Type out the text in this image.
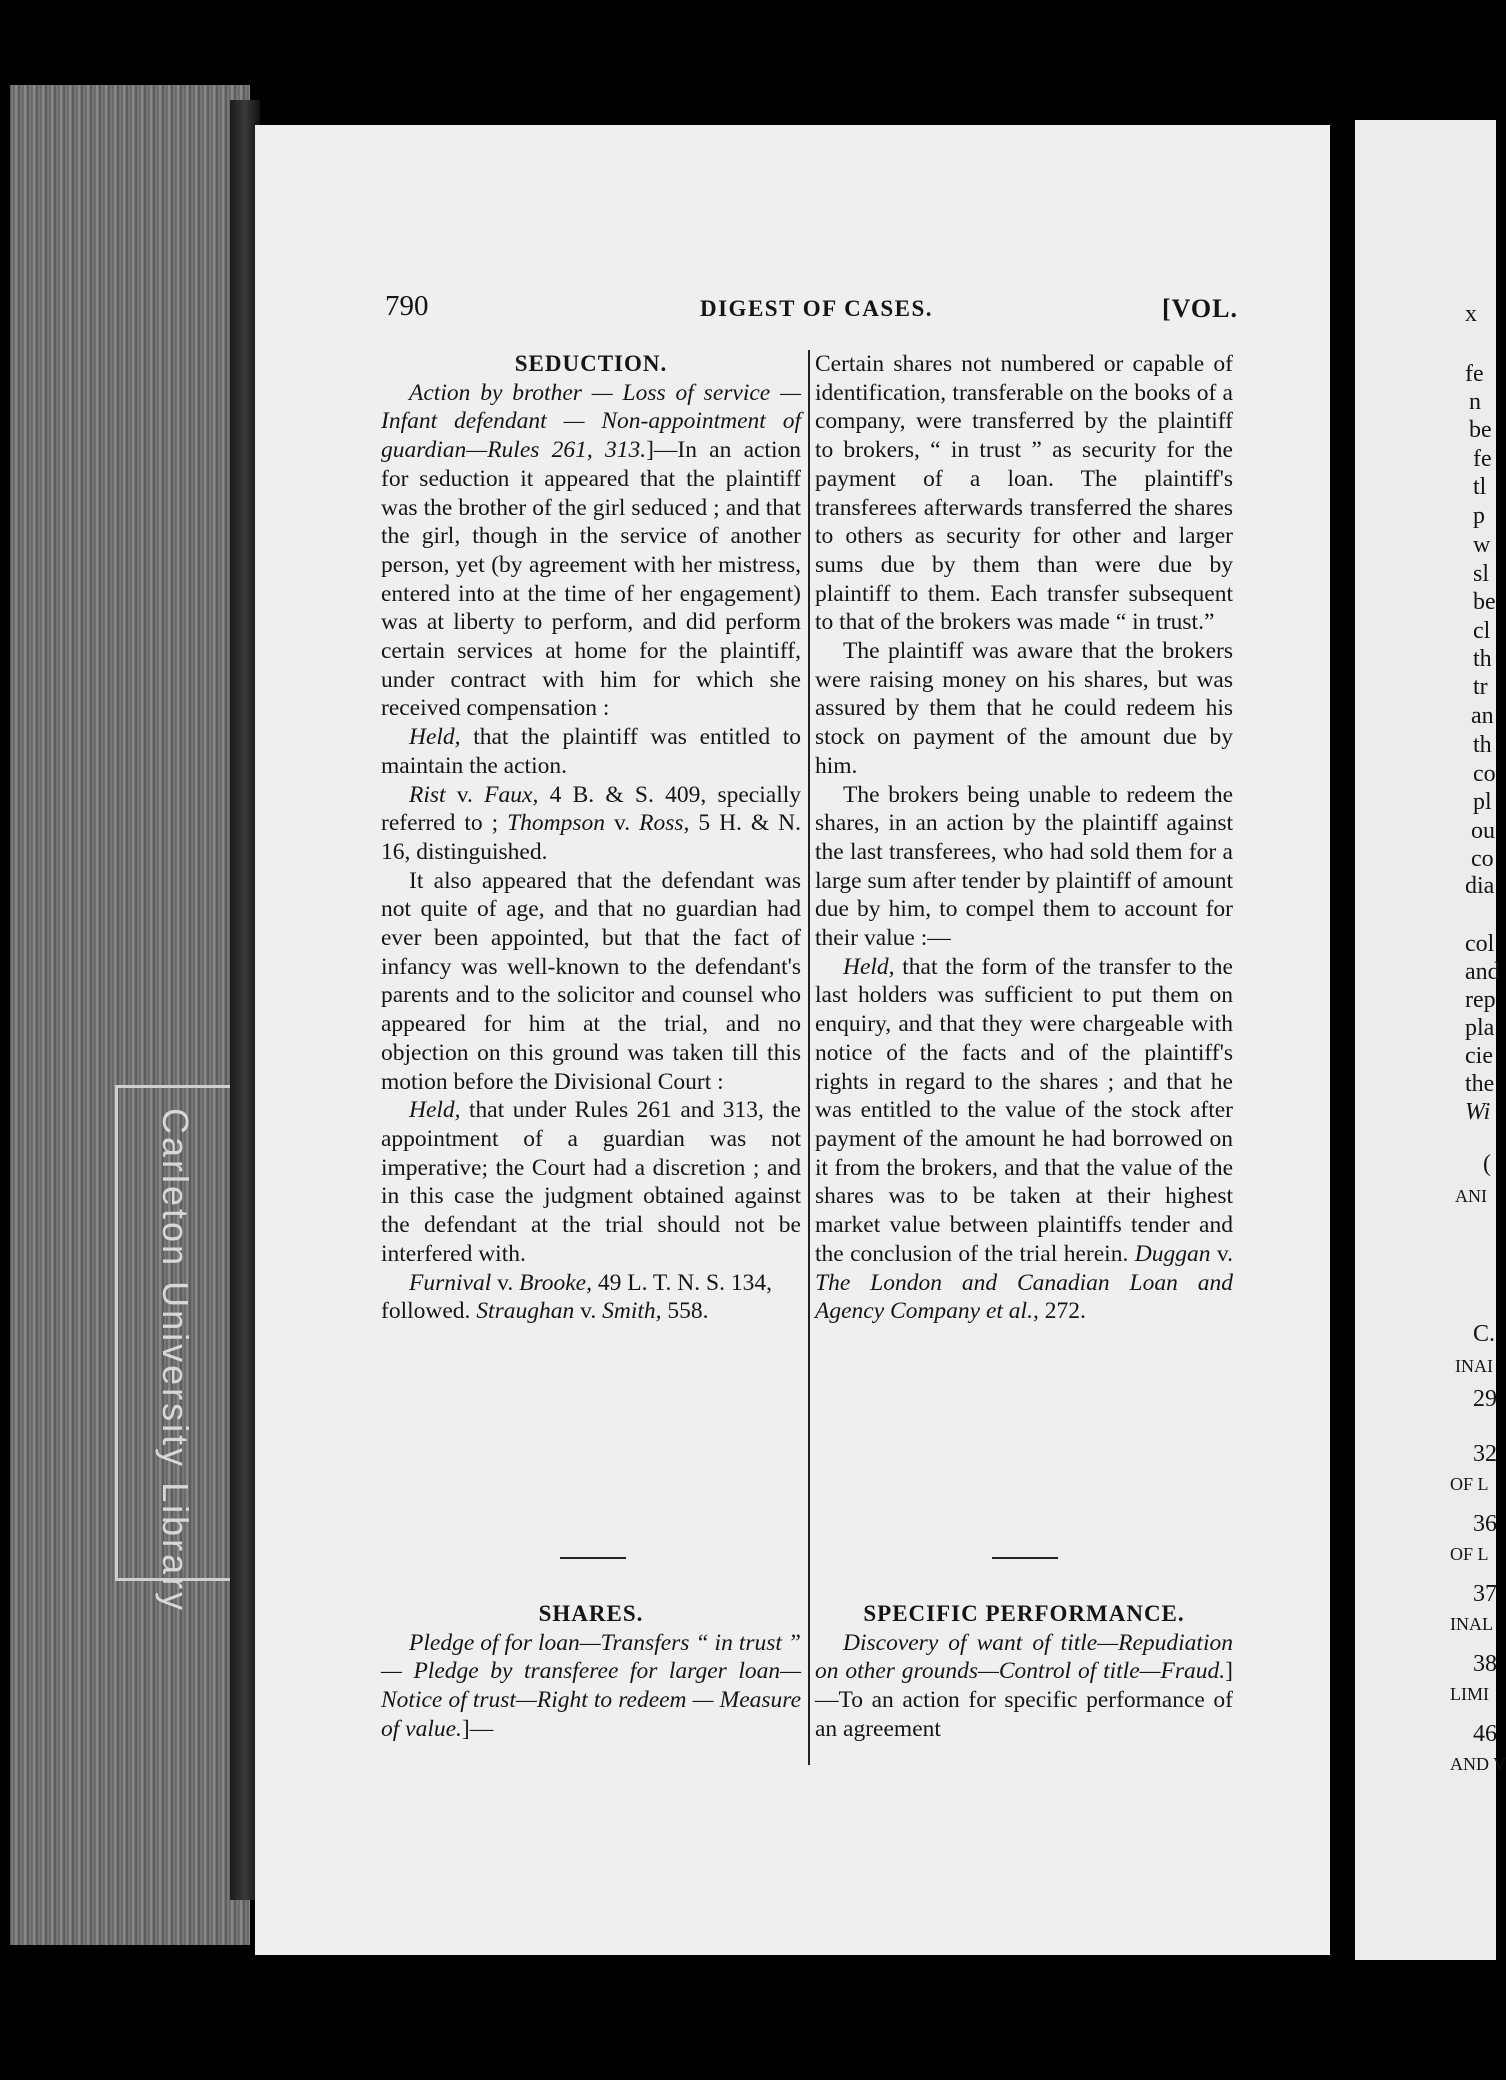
Carleton University Library
x
fe
n
be
fe
tl
p
w
sl
be
cl
th
tr
an
th
co
pl
ou
co
dia
col
and
rep
pla
cie
the
Wi
(
ANI
C.
INAI
29
32
OF L
36
OF L
37
INAL
38
LIMI
46
AND V
790	DIGEST OF CASES.	[VOL.

SEDUCTION.

Action by brother — Loss of service — Infant defendant — Non-appointment of guardian—Rules 261, 313.]—In an action for seduction it appeared that the plaintiff was the brother of the girl seduced ; and that the girl, though in the service of another person, yet (by agreement with her mistress, entered into at the time of her engagement) was at liberty to perform, and did perform certain services at home for the plaintiff, under contract with him for which she received compensation :

Held, that the plaintiff was entitled to maintain the action.

Rist v. Faux, 4 B. & S. 409, specially referred to ; Thompson v. Ross, 5 H. & N. 16, distinguished.

It also appeared that the defendant was not quite of age, and that no guardian had ever been appointed, but that the fact of infancy was well-known to the defendant's parents and to the solicitor and counsel who appeared for him at the trial, and no objection on this ground was taken till this motion before the Divisional Court :

Held, that under Rules 261 and 313, the appointment of a guardian was not imperative; the Court had a discretion ; and in this case the judgment obtained against the defendant at the trial should not be interfered with.

Furnival v. Brooke, 49 L. T. N. S. 134, followed. Straughan v. Smith, 558.

Certain shares not numbered or capable of identification, transferable on the books of a company, were transferred by the plaintiff to brokers, “ in trust ” as security for the payment of a loan. The plaintiff's transferees afterwards transferred the shares to others as security for other and larger sums due by them than were due by plaintiff to them. Each transfer subsequent to that of the brokers was made “ in trust.”

The plaintiff was aware that the brokers were raising money on his shares, but was assured by them that he could redeem his stock on payment of the amount due by him.

The brokers being unable to redeem the shares, in an action by the plaintiff against the last transferees, who had sold them for a large sum after tender by plaintiff of amount due by him, to compel them to account for their value :—

Held, that the form of the transfer to the last holders was sufficient to put them on enquiry, and that they were chargeable with notice of the facts and of the plaintiff's rights in regard to the shares ; and that he was entitled to the value of the stock after payment of the amount he had borrowed on it from the brokers, and that the value of the shares was to be taken at their highest market value between plaintiffs tender and the conclusion of the trial herein. Duggan v. The London and Canadian Loan and Agency Company et al., 272.

SHARES.

Pledge of for loan—Transfers “ in trust ” — Pledge by transferee for larger loan—Notice of trust—Right to redeem — Measure of value.]—

SPECIFIC PERFORMANCE.

Discovery of want of title—Repudiation on other grounds—Control of title—Fraud.]—To an action for specific performance of an agreement
